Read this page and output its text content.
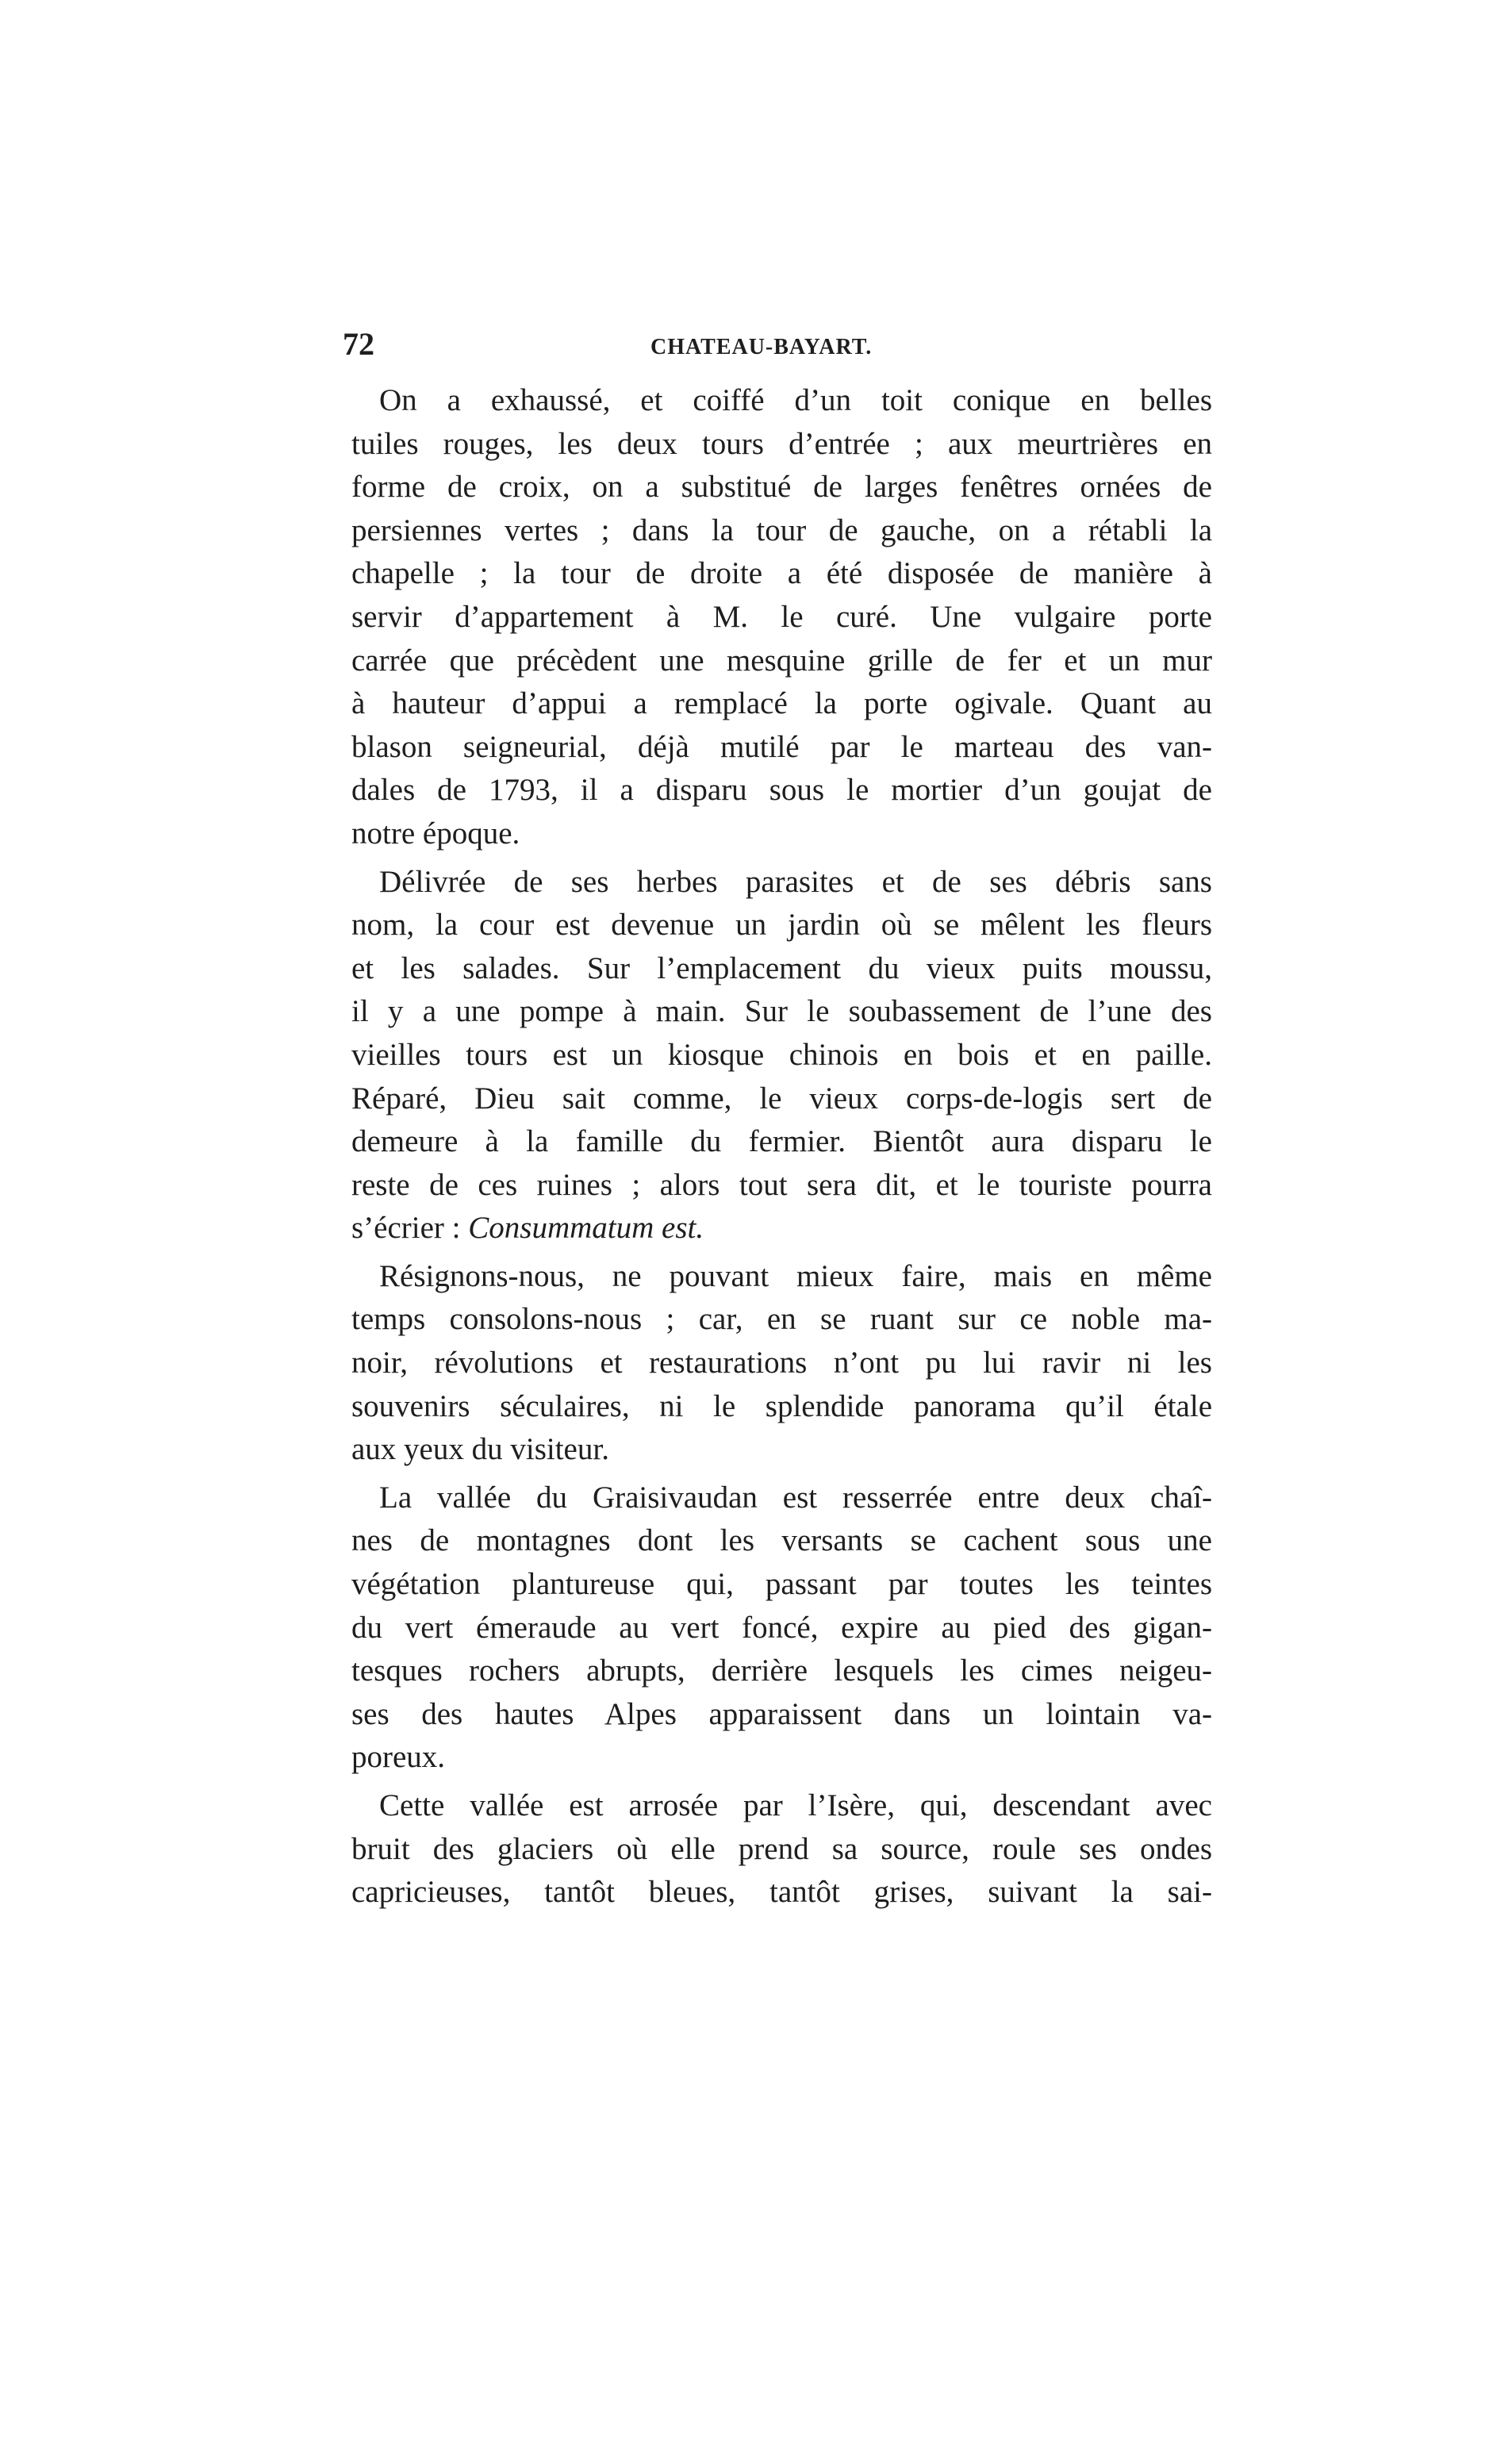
72	CHATEAU-BAYART.
On a exhaussé, et coiffé d’un toit conique en belles
tuiles rouges, les deux tours d’entrée ; aux meurtrières en
forme de croix, on a substitué de larges fenêtres ornées de
persiennes vertes ; dans la tour de gauche, on a rétabli la
chapelle ; la tour de droite a été disposée de manière à
servir d’appartement à M. le curé. Une vulgaire porte
carrée que précèdent une mesquine grille de fer et un mur
à hauteur d’appui a remplacé la porte ogivale. Quant au
blason seigneurial, déjà mutilé par le marteau des van-
dales de 1793, il a disparu sous le mortier d’un goujat de
notre époque.
Délivrée de ses herbes parasites et de ses débris sans
nom, la cour est devenue un jardin où se mêlent les fleurs
et les salades. Sur l’emplacement du vieux puits moussu,
il y a une pompe à main. Sur le soubassement de l’une des
vieilles tours est un kiosque chinois en bois et en paille.
Réparé, Dieu sait comme, le vieux corps-de-logis sert de
demeure à la famille du fermier. Bientôt aura disparu le
reste de ces ruines ; alors tout sera dit, et le touriste pourra
s’écrier : Consummatum est.
Résignons-nous, ne pouvant mieux faire, mais en même
temps consolons-nous ; car, en se ruant sur ce noble ma-
noir, révolutions et restaurations n’ont pu lui ravir ni les
souvenirs séculaires, ni le splendide panorama qu’il étale
aux yeux du visiteur.
La vallée du Graisivaudan est resserrée entre deux chaî-
nes de montagnes dont les versants se cachent sous une
végétation plantureuse qui, passant par toutes les teintes
du vert émeraude au vert foncé, expire au pied des gigan-
tesques rochers abrupts, derrière lesquels les cimes neigeu-
ses des hautes Alpes apparaissent dans un lointain va-
poreux.
Cette vallée est arrosée par l’Isère, qui, descendant avec
bruit des glaciers où elle prend sa source, roule ses ondes
capricieuses, tantôt bleues, tantôt grises, suivant la sai-
